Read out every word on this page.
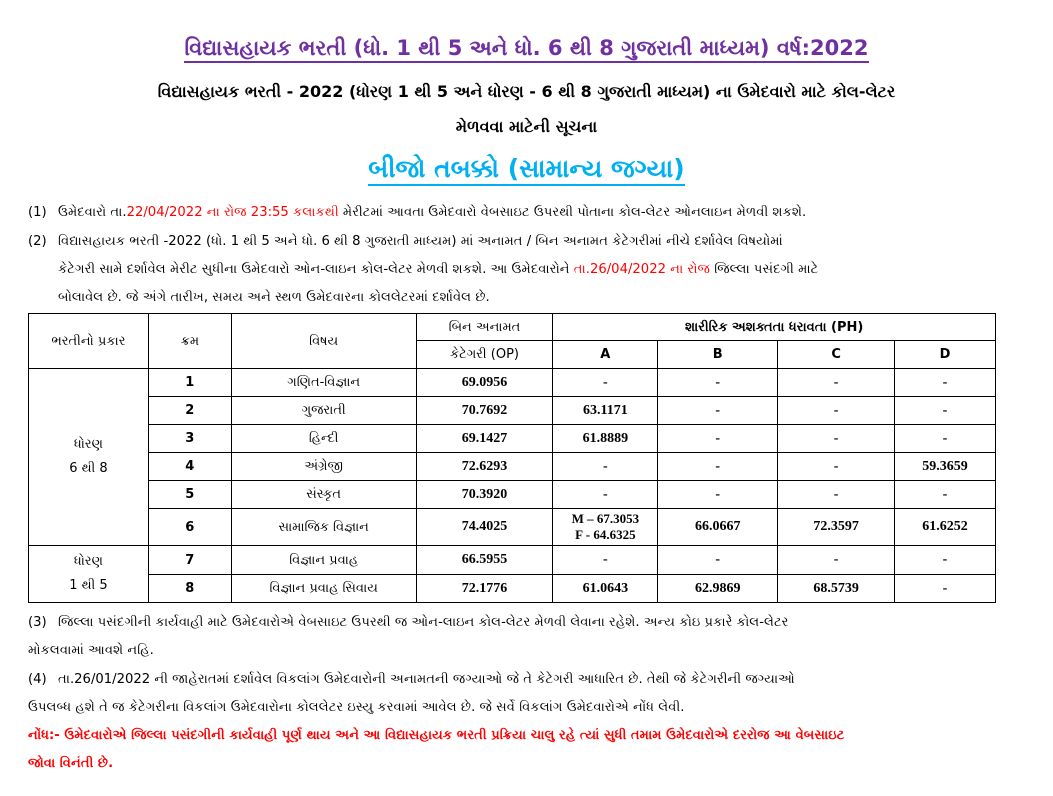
વિદ્યાસહાયક ભરતી (ધો. 1 થી 5 અને ધો. 6 થી 8 ગુજરાતી માધ્યમ) વર્ષ:2022
વિદ્યાસહાયક ભરતી - 2022 (ધોરણ 1 થી 5 અને ધોરણ - 6 થી 8 ગુજરાતી માધ્યમ) ના ઉમેદવારો માટે કોલ-લેટર
મેળવવા માટેની સૂચના
બીજો તબક્કો (સામાન્ય જગ્યા)
(1) ઉમેદવારો તા.22/04/2022 ના રોજ 23:55 કલાકથી મેરીટમાં આવતા ઉમેદવારો વેબસાઇટ ઉપરથી પોતાના કોલ-લેટર ઓનલાઇન મેળવી શકશે.
(2) વિદ્યાસહાયક ભરતી -2022 (ધો. 1 થી 5 અને ધો. 6 થી 8 ગુજરાતી માધ્યમ) માં અનામત / બિન અનામત કેટેગરીમાં નીચે દર્શાવેલ વિષયોમાં
કેટેગરી સામે દર્શાવેલ મેરીટ સુધીના ઉમેદવારો ઓન-લાઇન કોલ-લેટર મેળવી શકશે. આ ઉમેદવારોને તા.26/04/2022 ના રોજ જિલ્લા પસંદગી માટે
બોલાવેલ છે. જે અંગે તારીખ, સમય અને સ્થળ ઉમેદવારના કોલલેટરમાં દર્શાવેલ છે.
ભરતીનો પ્રકાર	ક્રમ	વિષય	બિન અનામત	શારીરિક અશક્તતા ધરાવતા (PH)			
			કેટેગરી (OP)	A	B	C	D

ધોરણ
6 થી 8	1	ગણિત-વિજ્ઞાન	69.0956	-	-	-	-
	2	ગુજરાતી	70.7692	63.1171	-	-	-
	3	હિન્દી	69.1427	61.8889	-	-	-
	4	અંગ્રેજી	72.6293	-	-	-	59.3659
	5	સંસ્કૃત	70.3920	-	-	-	-
	6	સામાજિક વિજ્ઞાન	74.4025	M – 67.3053
F - 64.6325	66.0667	72.3597	61.6252

ધોરણ
1 થી 5	7	વિજ્ઞાન પ્રવાહ	66.5955	-	-	-	-
	8	વિજ્ઞાન પ્રવાહ સિવાય	72.1776	61.0643	62.9869	68.5739	-
(3) જિલ્લા પસંદગીની કાર્યવાહી માટે ઉમેદવારોએ વેબસાઇટ ઉપરથી જ ઓન-લાઇન કોલ-લેટર મેળવી લેવાના રહેશે. અન્ય કોઇ પ્રકારે કોલ-લેટર
મોકલવામાં આવશે નહિ.
(4) તા.26/01/2022 ની જાહેરાતમાં દર્શાવેલ વિકલાંગ ઉમેદવારોની અનામતની જગ્યાઓ જે તે કેટેગરી આધારિત છે. તેથી જે કેટેગરીની જગ્યાઓ
ઉપલબ્ધ હશે તે જ કેટેગરીના વિકલાંગ ઉમેદવારોના કોલલેટર ઇસ્યુ કરવામાં આવેલ છે. જે સર્વે વિકલાંગ ઉમેદવારોએ નોંધ લેવી.
નોંધ:- ઉમેદવારોએ જિલ્લા પસંદગીની કાર્યવાહી પૂર્ણ થાય અને આ વિદ્યાસહાયક ભરતી પ્રક્રિયા ચાલુ રહે ત્યાં સુધી તમામ ઉમેદવારોએ દરરોજ આ વેબસાઇટ
જોવા વિનંતી છે.
